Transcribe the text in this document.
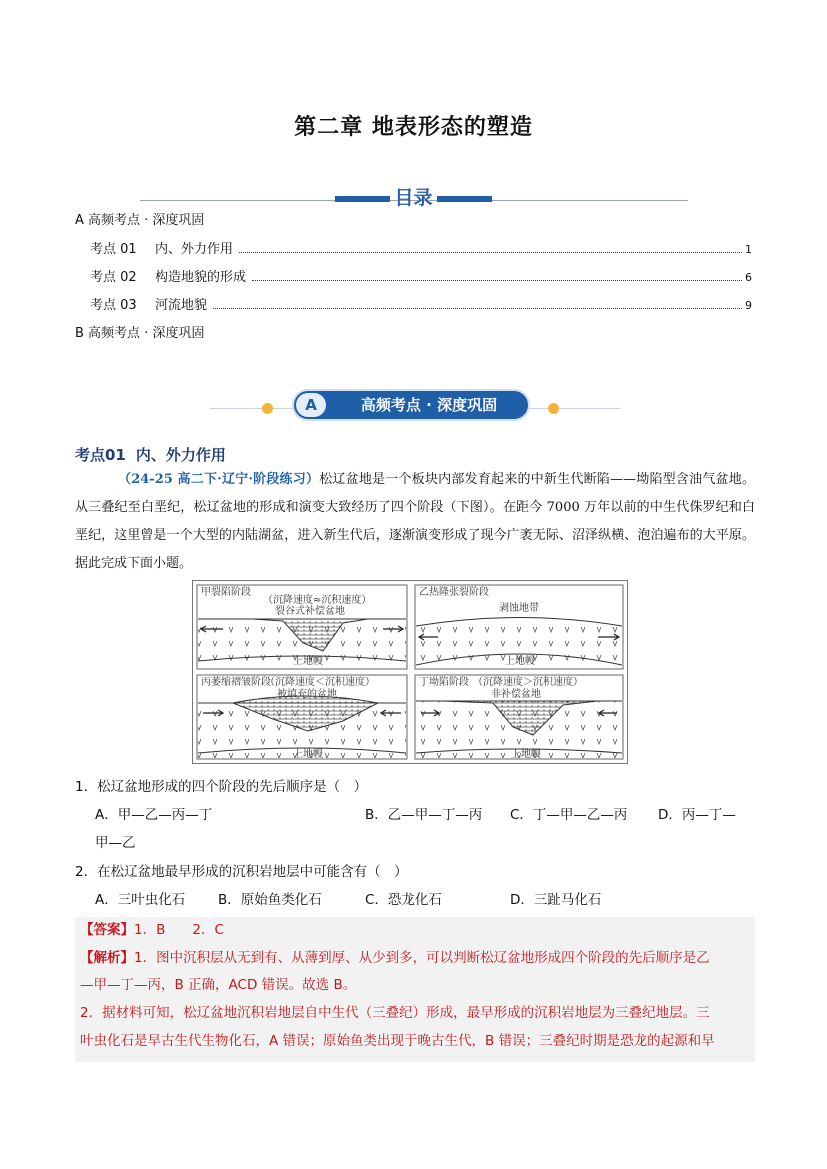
第二章 地表形态的塑造
目录
A 高频考点 · 深度巩固
考点 01	内、外力作用	1
考点 02	构造地貌的形成	6
考点 03	河流地貌	9
B 高频考点 · 深度巩固
A	高频考点 · 深度巩固
考点01 内、外力作用
（24-25 高二下·辽宁·阶段练习）松辽盆地是一个板块内部发育起来的中新生代断陷——坳陷型含油气盆地。从三叠纪至白垩纪，松辽盆地的形成和演变大致经历了四个阶段（下图）。在距今 7000 万年以前的中生代侏罗纪和白垩纪，这里曾是一个大型的内陆湖盆，进入新生代后，逐渐演变形成了现今广袤无际、沼泽纵横、泡泊遍布的大平原。据此完成下面小题。
甲裂陷阶段
（沉降速度≈沉积速度）
裂谷式补偿盆地
上地幔
乙热隆张裂阶段
剥蚀地带
上地幔
丙萎缩褶皱阶段
（沉降速度＜沉积速度）
被填充的盆地
上地幔
丁坳陷阶段 （沉降速度＞沉积速度）
非补偿盆地
上地幔
1．松辽盆地形成的四个阶段的先后顺序是（　）
A．甲—乙—丙—丁	B．乙—甲—丁—丙 C．丁—甲—乙—丙 D．丙—丁—
甲—乙
2．在松辽盆地最早形成的沉积岩地层中可能含有（　）
A．三叶虫化石 B．原始鱼类化石	C．恐龙化石	D．三趾马化石
【答案】1．B　　2．C
【解析】1．图中沉积层从无到有、从薄到厚、从少到多，可以判断松辽盆地形成四个阶段的先后顺序是乙
—甲—丁—丙，B 正确，ACD 错误。故选 B。
2．据材料可知，松辽盆地沉积岩地层自中生代（三叠纪）形成，最早形成的沉积岩地层为三叠纪地层。三
叶虫化石是早古生代生物化石，A 错误；原始鱼类出现于晚古生代，B 错误；三叠纪时期是恐龙的起源和早
